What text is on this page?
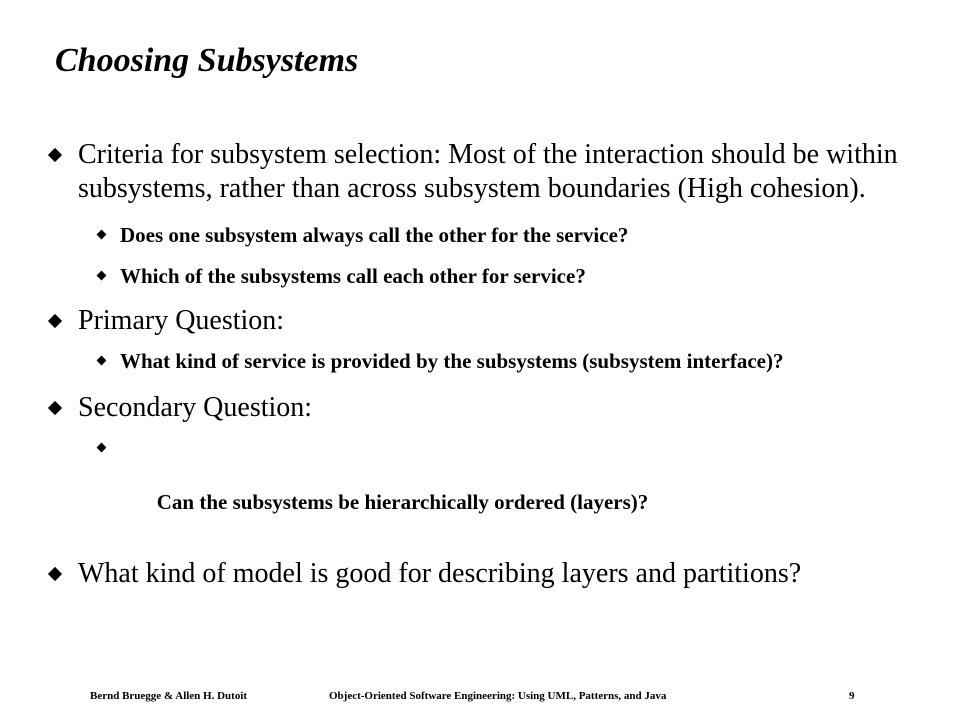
Choosing Subsystems
Criteria for subsystem selection: Most of the interaction should be within subsystems, rather than across subsystem boundaries (High cohesion).
Does one subsystem always call the other for the service?
Which of the subsystems call each other for service?
Primary Question:
What kind of service is provided by the subsystems (subsystem interface)?
Secondary Question:

Can the subsystems be hierarchically ordered (layers)?

What kind of model is good for describing layers and partitions?
Bernd Bruegge & Allen H. Dutoit	Object-Oriented Software Engineering: Using UML, Patterns, and Java	9
